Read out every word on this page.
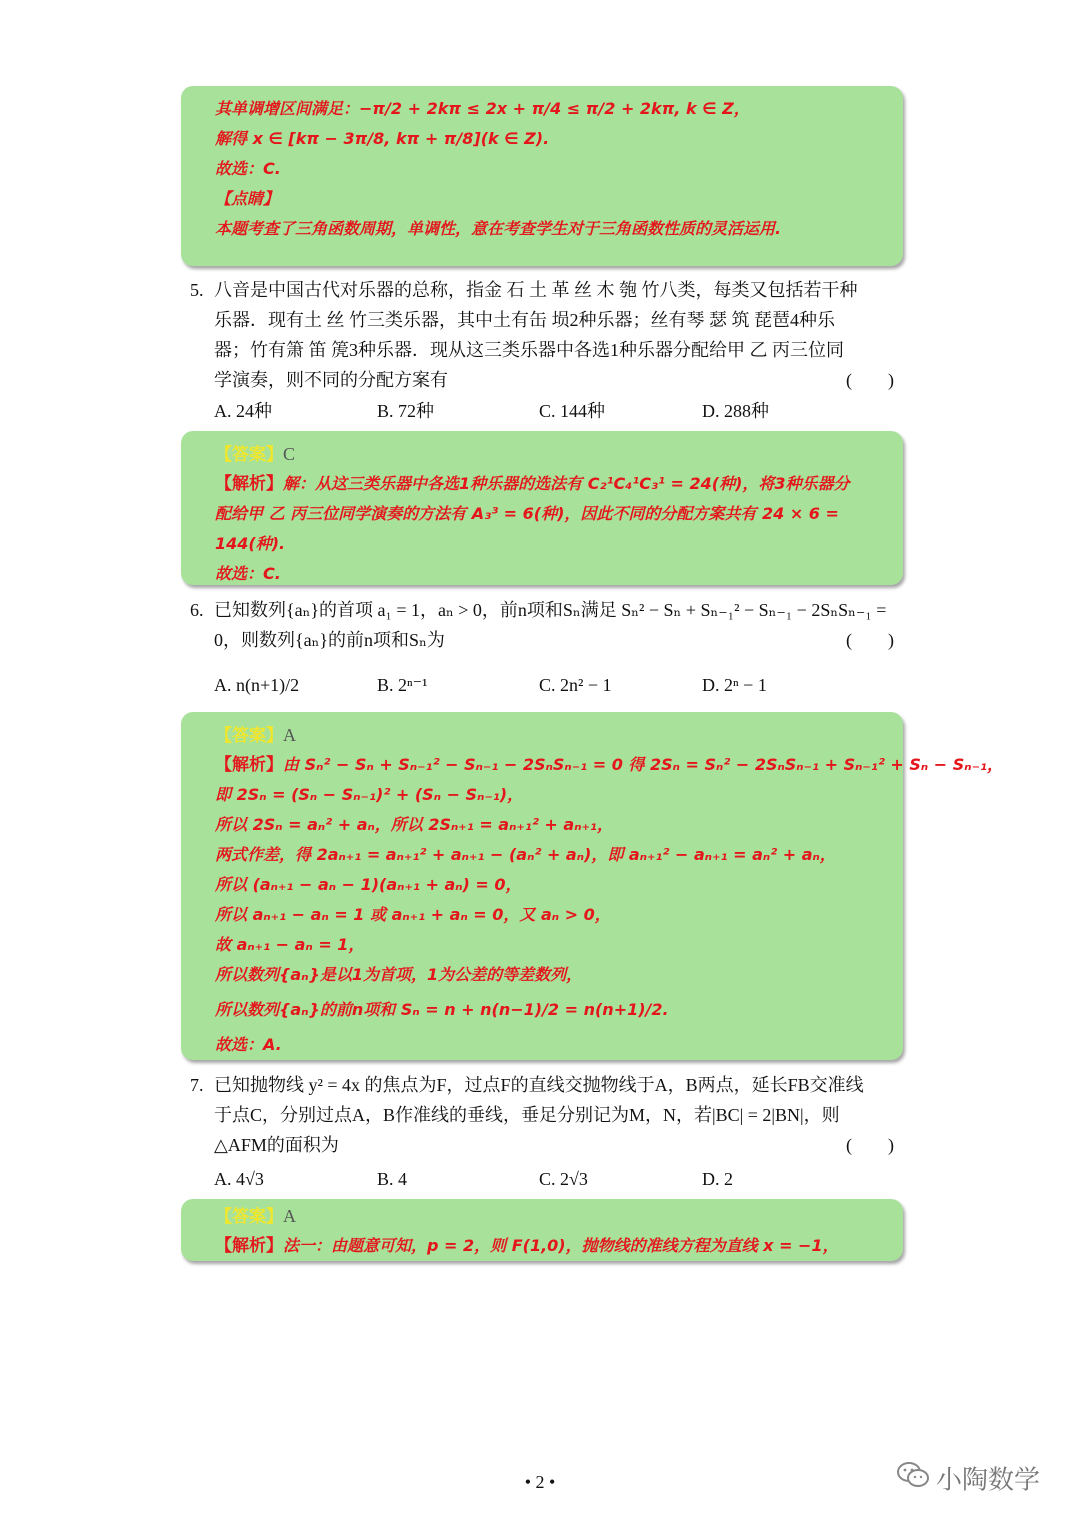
其单调增区间满足：−π/2 + 2kπ ≤ 2x + π/4 ≤ π/2 + 2kπ, k ∈ Z，
解得 x ∈ [kπ − 3π/8, kπ + π/8](k ∈ Z).
故选：C.
【点睛】
本题考查了三角函数周期，单调性，意在考查学生对于三角函数性质的灵活运用.
5. 八音是中国古代对乐器的总称，指金 石 土 革 丝 木 匏 竹八类，每类又包括若干种
乐器．现有土 丝 竹三类乐器，其中土有缶 埙2种乐器；丝有琴 瑟 筑 琵琶4种乐
器；竹有箫 笛 箎3种乐器．现从这三类乐器中各选1种乐器分配给甲 乙 丙三位同
学演奏，则不同的分配方案有	(　　)
A. 24种	B. 72种	C. 144种	D. 288种
【答案】C
【解析】解：从这三类乐器中各选1种乐器的选法有 C₂¹C₄¹C₃¹ = 24(种)，将3种乐器分
配给甲 乙 丙三位同学演奏的方法有 A₃³ = 6(种)，因此不同的分配方案共有 24 × 6 =
144(种).
故选：C.
6. 已知数列{aₙ}的首项 a₁ = 1，aₙ > 0，前n项和Sₙ满足 Sₙ² − Sₙ + Sₙ₋₁² − Sₙ₋₁ − 2SₙSₙ₋₁ =
0，则数列{aₙ}的前n项和Sₙ为	(　　)
A. n(n+1)/2	B. 2ⁿ⁻¹	C. 2n² − 1	D. 2ⁿ − 1
【答案】A
【解析】由 Sₙ² − Sₙ + Sₙ₋₁² − Sₙ₋₁ − 2SₙSₙ₋₁ = 0 得 2Sₙ = Sₙ² − 2SₙSₙ₋₁ + Sₙ₋₁² + Sₙ − Sₙ₋₁，
即 2Sₙ = (Sₙ − Sₙ₋₁)² + (Sₙ − Sₙ₋₁)，
所以 2Sₙ = aₙ² + aₙ，所以 2Sₙ₊₁ = aₙ₊₁² + aₙ₊₁，
两式作差，得 2aₙ₊₁ = aₙ₊₁² + aₙ₊₁ − (aₙ² + aₙ)，即 aₙ₊₁² − aₙ₊₁ = aₙ² + aₙ，
所以 (aₙ₊₁ − aₙ − 1)(aₙ₊₁ + aₙ) = 0，
所以 aₙ₊₁ − aₙ = 1 或 aₙ₊₁ + aₙ = 0，又 aₙ > 0，
故 aₙ₊₁ − aₙ = 1，
所以数列{aₙ}是以1为首项，1为公差的等差数列，
所以数列{aₙ}的前n项和 Sₙ = n + n(n−1)/2 = n(n+1)/2.
故选：A.
7. 已知抛物线 y² = 4x 的焦点为F，过点F的直线交抛物线于A，B两点，延长FB交准线
于点C，分别过点A，B作准线的垂线，垂足分别记为M，N，若|BC| = 2|BN|，则
△AFM的面积为	(　　)
A. 4√3	B. 4	C. 2√3	D. 2
【答案】A
【解析】法一：由题意可知，p = 2，则 F(1,0)，抛物线的准线方程为直线 x = −1，
• 2 •	小陶数学
